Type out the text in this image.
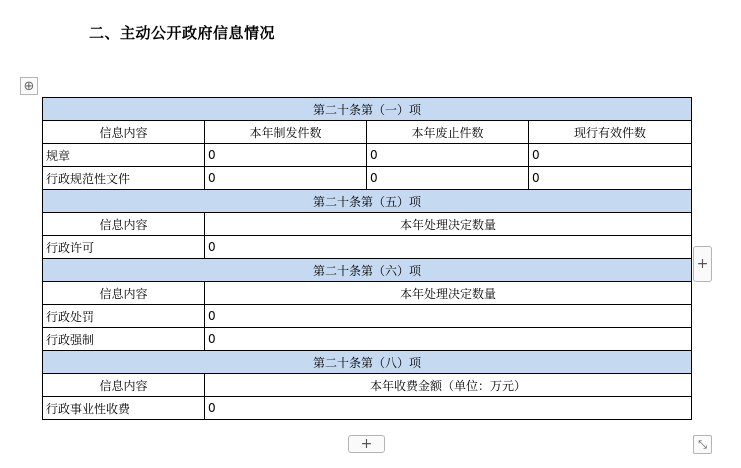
二、主动公开政府信息情况
⊕
第二十条第（一）项			
信息内容	本年制发件数	本年废止件数	现行有效件数
规章	0	0	0
行政规范性文件	0	0	0
第二十条第（五）项			
信息内容	本年处理决定数量		
行政许可	0		
第二十条第（六）项			
信息内容	本年处理决定数量		
行政处罚	0		
行政强制	0		
第二十条第（八）项			
信息内容	本年收费金额（单位：万元）		
行政事业性收费	0		
+
+	⤡
